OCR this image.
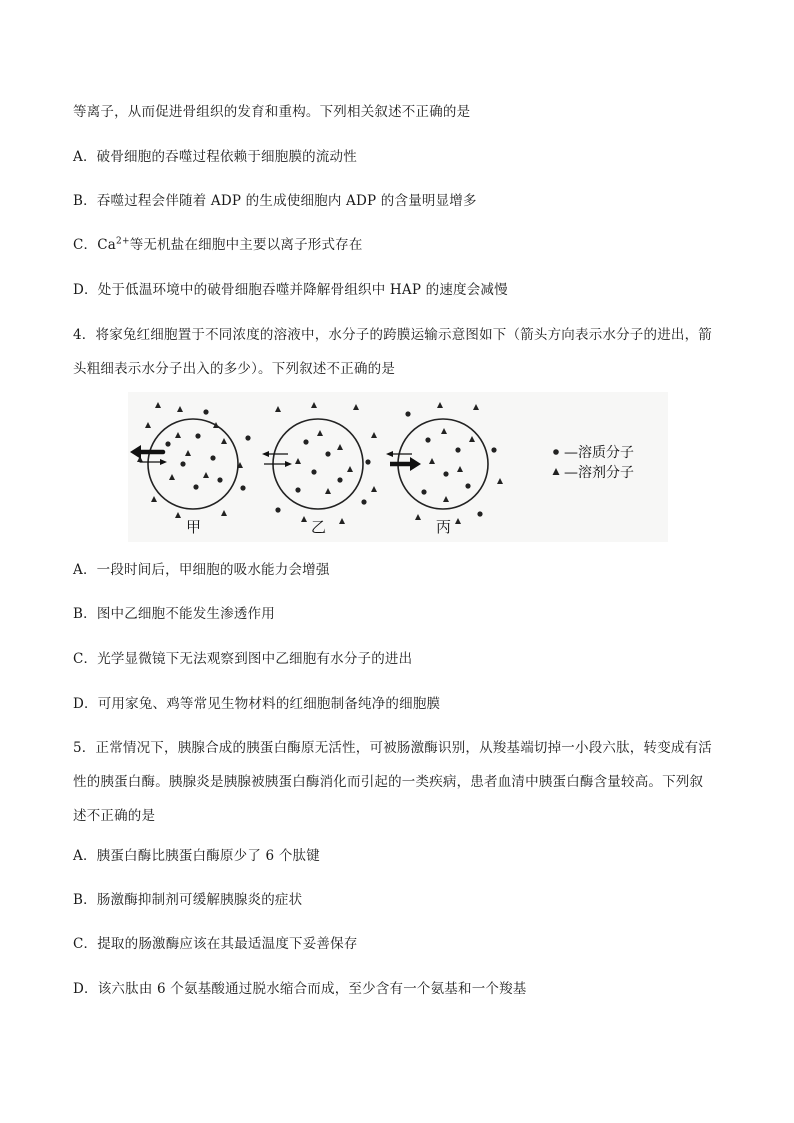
等离子，从而促进骨组织的发育和重构。下列相关叙述不正确的是
A．破骨细胞的吞噬过程依赖于细胞膜的流动性
B．吞噬过程会伴随着 ADP 的生成使细胞内 ADP 的含量明显增多
C．$Ca^{2+}$等无机盐在细胞中主要以离子形式存在
D．处于低温环境中的破骨细胞吞噬并降解骨组织中 HAP 的速度会减慢
4．将家兔红细胞置于不同浓度的溶液中，水分子的跨膜运输示意图如下（箭头方向表示水分子的进出，箭
头粗细表示水分子出入的多少）。下列叙述不正确的是
甲	乙	丙
—溶质分子
—溶剂分子
A．一段时间后，甲细胞的吸水能力会增强
B．图中乙细胞不能发生渗透作用
C．光学显微镜下无法观察到图中乙细胞有水分子的进出
D．可用家兔、鸡等常见生物材料的红细胞制备纯净的细胞膜
5．正常情况下，胰腺合成的胰蛋白酶原无活性，可被肠激酶识别，从羧基端切掉一小段六肽，转变成有活
性的胰蛋白酶。胰腺炎是胰腺被胰蛋白酶消化而引起的一类疾病，患者血清中胰蛋白酶含量较高。下列叙
述不正确的是
A．胰蛋白酶比胰蛋白酶原少了 6 个肽键
B．肠激酶抑制剂可缓解胰腺炎的症状
C．提取的肠激酶应该在其最适温度下妥善保存
D．该六肽由 6 个氨基酸通过脱水缩合而成，至少含有一个氨基和一个羧基
